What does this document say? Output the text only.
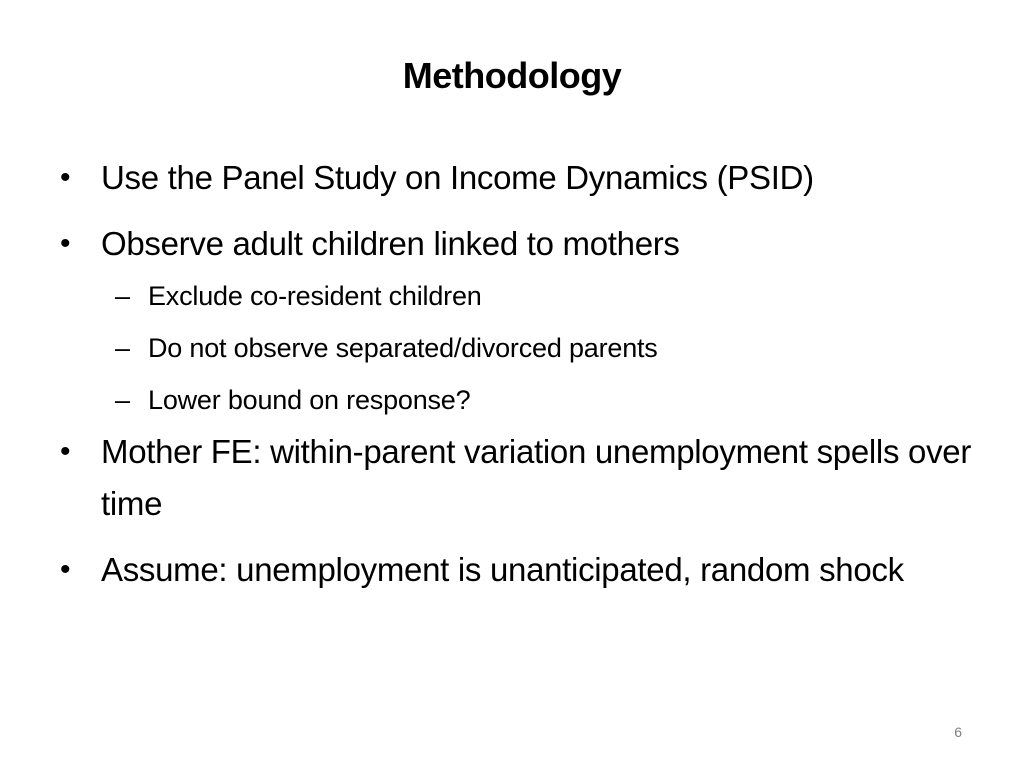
Methodology
• Use the Panel Study on Income Dynamics (PSID)
• Observe adult children linked to mothers
– Exclude co-resident children
– Do not observe separated/divorced parents
– Lower bound on response?
• Mother FE: within-parent variation unemployment spells over time
• Assume: unemployment is unanticipated, random shock
6
